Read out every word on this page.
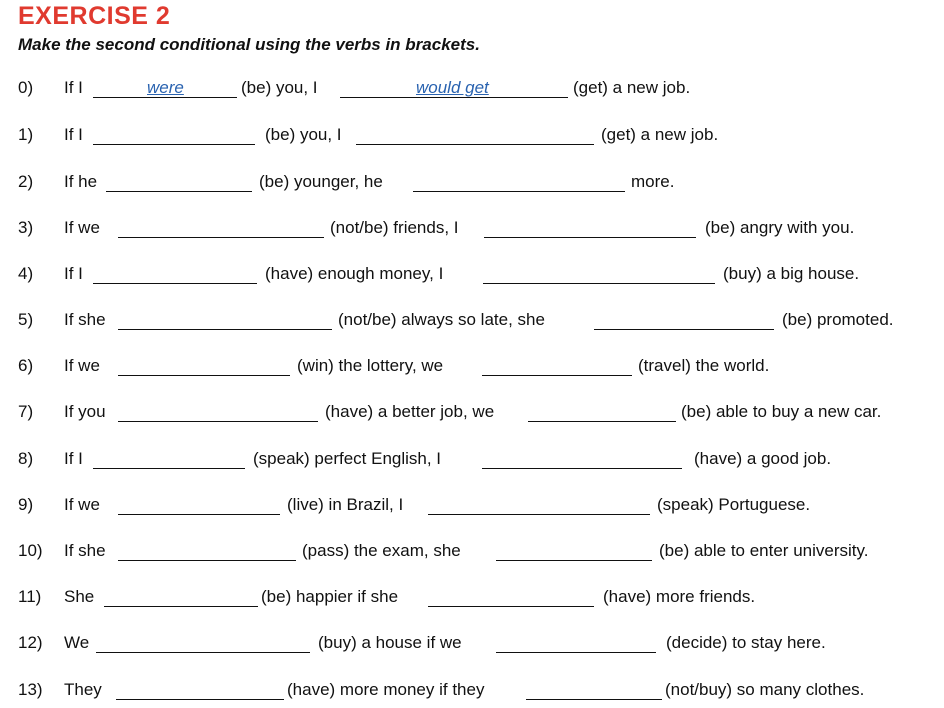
EXERCISE 2
Make the second conditional using the verbs in brackets.
0) If I	(be) you, I	(get) a new job.
were	would get
1) If I	(be) you, I	(get) a new job.
2) If he	(be) younger, he	more.
3) If we	(not/be) friends, I	(be) angry with you.
4) If I	(have) enough money, I	(buy) a big house.
5) If she	(not/be) always so late, she	(be) promoted.
6) If we	(win) the lottery, we	(travel) the world.
7) If you	(have) a better job, we	(be) able to buy a new car.
8) If I	(speak) perfect English, I	(have) a good job.
9) If we	(live) in Brazil, I	(speak) Portuguese.
10) If she	(pass) the exam, she	(be) able to enter university.
11) She	(be) happier if she	(have) more friends.
12) We	(buy) a house if we	(decide) to stay here.
13) They	(have) more money if they	(not/buy) so many clothes.
